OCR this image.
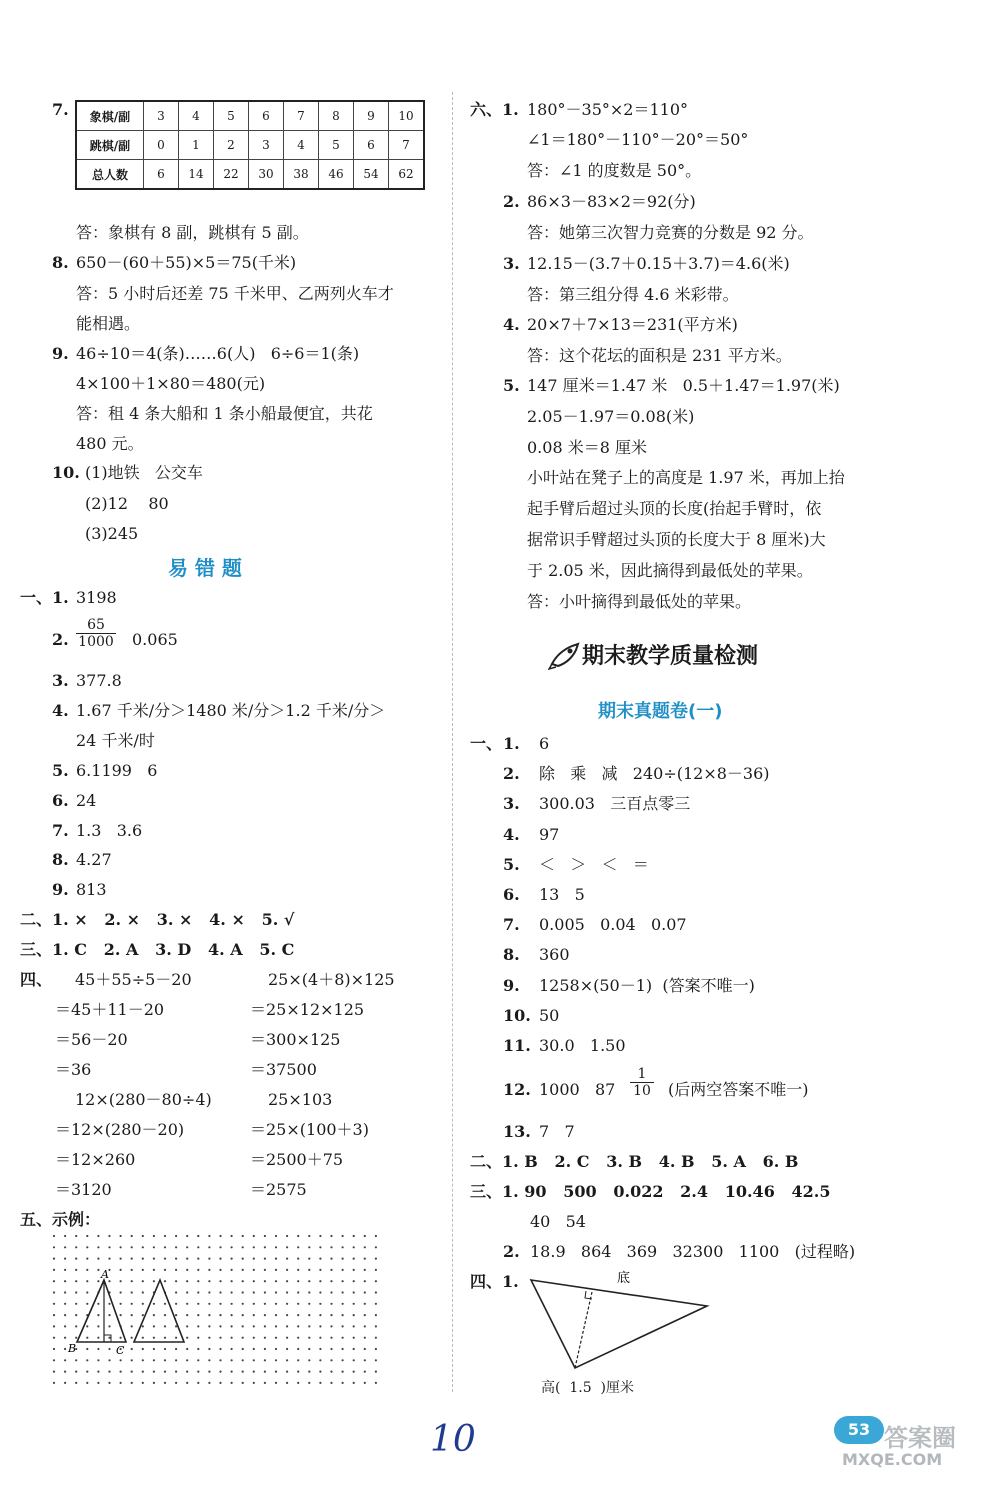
7. 象棋/副	3	4	5	6	7	8	9	10
跳棋/副	0	1	2	3	4	5	6	7
总人数	6	14	22	30	38	46	54	62
答：象棋有 8 副，跳棋有 5 副。
8. 650－(60＋55)×5＝75(千米)
答：5 小时后还差 75 千米甲、乙两列火车才
能相遇。
9. 46÷10＝4(条)……6(人)   6÷6＝1(条)
4×100＋1×80＝480(元)
答：租 4 条大船和 1 条小船最便宜，共花
480 元。
10. (1)地铁   公交车
(2)12    80
(3)245
易 错 题
一、1. 3198
2. $\frac{65}{1000} 0.065$
3. 377.8
4. 1.67 千米/分＞1480 米/分＞1.2 千米/分＞
24 千米/时
5. 6.1199   6
6. 24
7. 1.3   3.6
8. 4.27
9. 813
二、1. ×   2. ×   3. ×   4. ×   5. √
三、1. C   2. A   3. D   4. A   5. C
四、 45＋55÷5－20
＝45＋11－20
＝56－20
＝36
12×(280－80÷4)
＝12×(280－20)
＝12×260
＝3120
25×(4＋8)×125
＝25×12×125
＝300×125
＝37500
25×103
＝25×(100＋3)
＝2500＋75
＝2575
五、示例：
A
B	C
六、1. 180°－35°×2＝110°
∠1＝180°－110°－20°＝50°
答：∠1 的度数是 50°。
2. 86×3－83×2＝92(分)
答：她第三次智力竞赛的分数是 92 分。
3. 12.15－(3.7＋0.15＋3.7)＝4.6(米)
答：第三组分得 4.6 米彩带。
4. 20×7＋7×13＝231(平方米)
答：这个花坛的面积是 231 平方米。
5. 147 厘米＝1.47 米   0.5＋1.47＝1.97(米)
2.05－1.97＝0.08(米)
0.08 米＝8 厘米
小叶站在凳子上的高度是 1.97 米，再加上抬
起手臂后超过头顶的长度(抬起手臂时，依
据常识手臂超过头顶的长度大于 8 厘米)大
于 2.05 米，因此摘得到最低处的苹果。
答：小叶摘得到最低处的苹果。
期末教学质量检测
期末真题卷(一)
一、 1. 6
2. 除   乘   减   240÷(12×8－36)
3. 300.03   三百点零三
4. 97
5. ＜   ＞   ＜   ＝
6. 13   5
7. 0.005   0.04   0.07
8. 360
9. 1258×(50－1)  (答案不唯一)
10. 50
11. 30.0   1.50
12. 1000   $87 \frac{1}{10}$ (后两空答案不唯一)
13. 7   7
二、1. B   2. C   3. B   4. B   5. A   6. B
三、1. 90   500   0.022   2.4   10.46   42.5
40   54
2. 18.9   864   369   32300   1100   (过程略)
四、1.	底
高(  1.5  )厘米
10	53 答案圈
MXQE.COM
